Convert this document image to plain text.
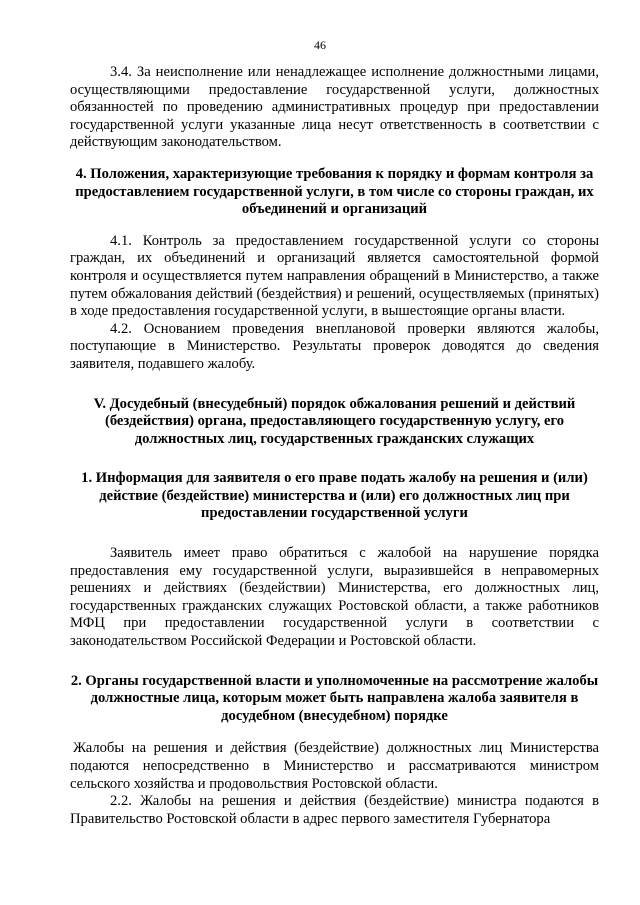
46

3.4. За неисполнение или ненадлежащее исполнение должностными лицами, осуществляющими предоставление государственной услуги, должностных обязанностей по проведению административных процедур при предоставлении государственной услуги указанные лица несут ответственность в соответствии с действующим законодательством.

4. Положения, характеризующие требования к порядку и формам контроля за предоставлением государственной услуги, в том числе со стороны граждан, их объединений и организаций

4.1. Контроль за предоставлением государственной услуги со стороны граждан, их объединений и организаций является самостоятельной формой контроля и осуществляется путем направления обращений в Министерство, а также путем обжалования действий (бездействия) и решений, осуществляемых (принятых) в ходе предоставления государственной услуги, в вышестоящие органы власти.

4.2. Основанием проведения внеплановой проверки являются жалобы, поступающие в Министерство. Результаты проверок доводятся до сведения заявителя, подавшего жалобу.

V. Досудебный (внесудебный) порядок обжалования решений и действий (бездействия) органа, предоставляющего государственную услугу, его должностных лиц, государственных гражданских служащих
1. Информация для заявителя о его праве подать жалобу на решения и (или) действие (бездействие) министерства и (или) его должностных лиц при предоставлении государственной услуги

Заявитель имеет право обратиться с жалобой на нарушение порядка предоставления ему государственной услуги, выразившейся в неправомерных решениях и действиях (бездействии) Министерства, его должностных лиц, государственных гражданских служащих Ростовской области, а также работников МФЦ при предоставлении государственной услуги в соответствии с законодательством Российской Федерации и Ростовской области.

2. Органы государственной власти и уполномоченные на рассмотрение жалобы должностные лица, которым может быть направлена жалоба заявителя в досудебном (внесудебном) порядке

Жалобы на решения и действия (бездействие) должностных лиц Министерства подаются непосредственно в Министерство и рассматриваются министром сельского хозяйства и продовольствия Ростовской области.

2.2. Жалобы на решения и действия (бездействие) министра подаются в Правительство Ростовской области в адрес первого заместителя Губернатора
